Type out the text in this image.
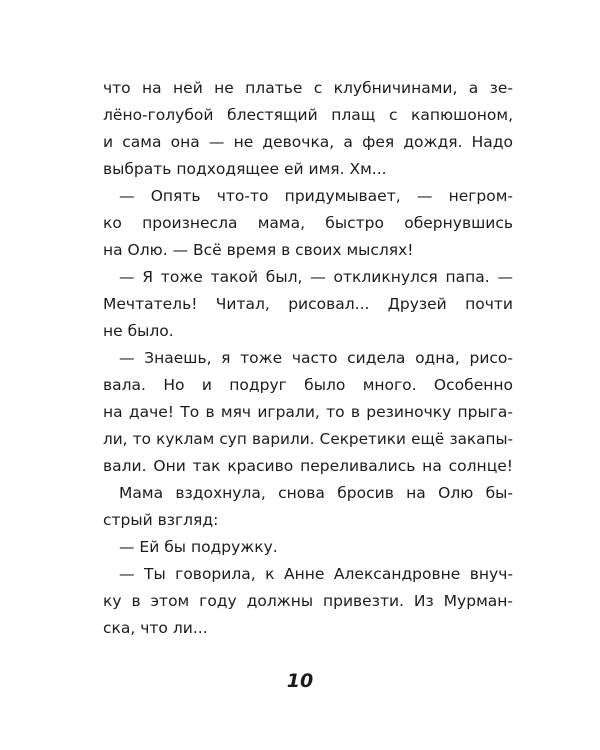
что на ней не платье с клубничинами, а зе-
лёно-голубой блестящий плащ с капюшоном,
и сама она — не девочка, а фея дождя. Надо
выбрать подходящее ей имя. Хм...
— Опять что-то придумывает, — негром-
ко произнесла мама, быстро обернувшись
на Олю. — Всё время в своих мыслях!
— Я тоже такой был, — откликнулся папа. —
Мечтатель! Читал, рисовал... Друзей почти
не было.
— Знаешь, я тоже часто сидела одна, рисо-
вала. Но и подруг было много. Особенно
на даче! То в мяч играли, то в резиночку прыга-
ли, то куклам суп варили. Секретики ещё закапы-
вали. Они так красиво переливались на солнце!
Мама вздохнула, снова бросив на Олю бы-
стрый взгляд:
— Ей бы подружку.
— Ты говорила, к Анне Александровне внуч-
ку в этом году должны привезти. Из Мурман-
ска, что ли...
10
